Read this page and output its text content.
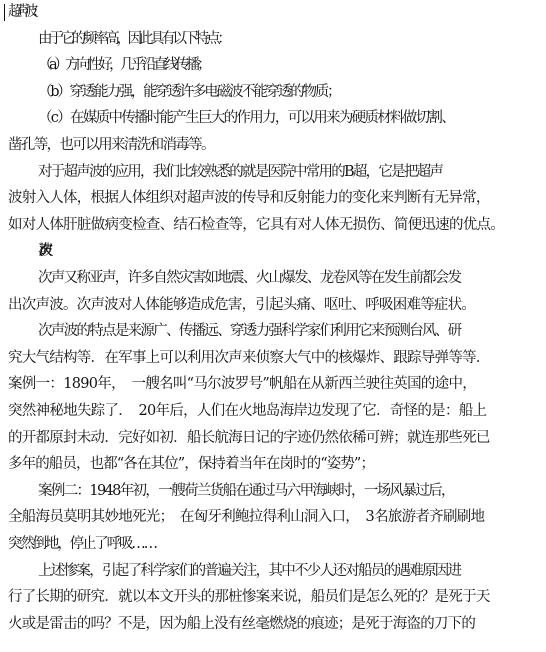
超声波：
由于它的频率高，因此具有以下特点：
（a）方向性好，几乎沿直线传播；
（b）穿透能力强，能穿透许多电磁波不能穿透的物质；
（c）在媒质中传播时能产生巨大的作用力，可以用来为硬质材料做切割、
凿孔等，也可以用来清洗和消毒等。
对于超声波的应用，我们比较熟悉的就是医院中常用的B超，它是把超声
波射入人体，根据人体组织对超声波的传导和反射能力的变化来判断有无异常，
如对人体肝脏做病变检查、结石检查等，它具有对人体无损伤、简便迅速的优点。
次声波：
次声又称亚声，许多自然灾害如地震、火山爆发、龙卷风等在发生前都会发
出次声波。次声波对人体能够造成危害，引起头痛、呕吐、呼吸困难等症状。
次声波的特点是来源广、传播远、穿透力强科学家们利用它来预测台风、研
究大气结构等．在军事上可以利用次声来侦察大气中的核爆炸、跟踪导弹等等．
案例一：1890年，　一艘名叫“马尔波罗号”帆船在从新西兰驶往英国的途中，
突然神秘地失踪了．　20年后，人们在火地岛海岸边发现了它．奇怪的是：船上
的开都原封未动．完好如初．船长航海日记的字迹仍然依稀可辨；就连那些死已
多年的船员，也都“各在其位”，保持着当年在岗时的“姿势”；
案例二：1948年初，一艘荷兰货船在通过马六甲海峡时，一场风暴过后，
全船海员莫明其妙地死光；　在匈牙利鲍拉得利山洞入口，　3名旅游者齐刷刷地
突然倒地，停止了呼吸……
上述惨案，引起了科学家们的普遍关注，其中不少人还对船员的遇难原因进
行了长期的研究．就以本文开头的那桩惨案来说，船员们是怎么死的？是死于天
火或是雷击的吗？不是，因为船上没有丝毫燃烧的痕迹；是死于海盗的刀下的
